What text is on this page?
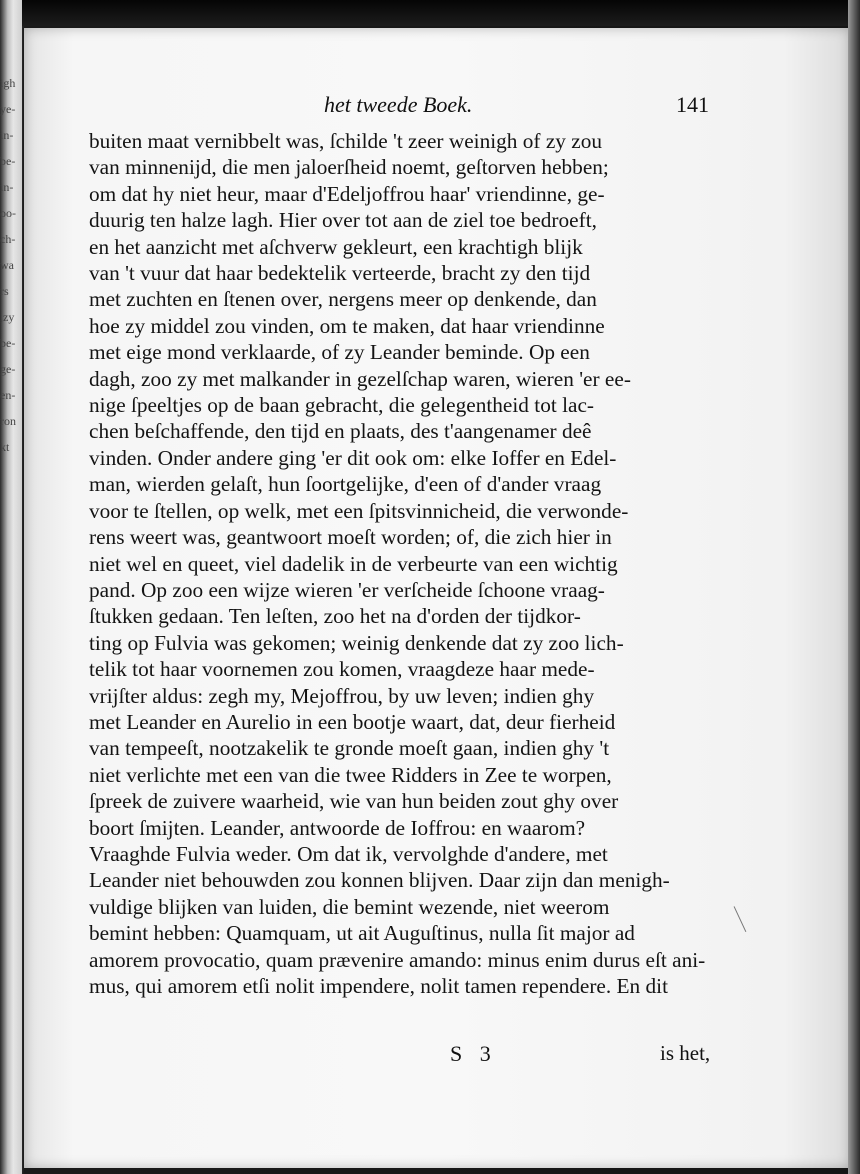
igh
ye-
in-
be-
in-
oo-
ch-
wa
rs
,zy
be-
ge-
en-
ron
kt
het tweede Boek.	141
buiten maat vernibbelt was, ſchilde 't zeer weinigh of zy zou
van minnenijd, die men jaloerſheid noemt, geſtorven hebben;
om dat hy niet heur, maar d'Edeljoffrou haar' vriendinne, ge-
duurig ten halze lagh. Hier over tot aan de ziel toe bedroeft,
en het aanzicht met aſchverw gekleurt, een krachtigh blijk
van 't vuur dat haar bedektelik verteerde, bracht zy den tijd
met zuchten en ſtenen over, nergens meer op denkende, dan
hoe zy middel zou vinden, om te maken, dat haar vriendinne
met eige mond verklaarde, of zy Leander beminde. Op een
dagh, zoo zy met malkander in gezelſchap waren, wieren 'er ee-
nige ſpeeltjes op de baan gebracht, die gelegentheid tot lac-
chen beſchaffende, den tijd en plaats, des t'aangenamer deê
vinden. Onder andere ging 'er dit ook om: elke Ioffer en Edel-
man, wierden gelaſt, hun ſoortgelijke, d'een of d'ander vraag
voor te ſtellen, op welk, met een ſpitsvinnicheid, die verwonde-
rens weert was, geantwoort moeſt worden; of, die zich hier in
niet wel en queet, viel dadelik in de verbeurte van een wichtig
pand. Op zoo een wijze wieren 'er verſcheide ſchoone vraag-
ſtukken gedaan. Ten leſten, zoo het na d'orden der tijdkor-
ting op Fulvia was gekomen; weinig denkende dat zy zoo lich-
telik tot haar voornemen zou komen, vraagdeze haar mede-
vrijſter aldus: zegh my, Mejoffrou, by uw leven; indien ghy
met Leander en Aurelio in een bootje waart, dat, deur fierheid
van tempeeſt, nootzakelik te gronde moeſt gaan, indien ghy 't
niet verlichte met een van die twee Ridders in Zee te worpen,
ſpreek de zuivere waarheid, wie van hun beiden zout ghy over
boort ſmijten. Leander, antwoorde de Ioffrou: en waarom?
Vraaghde Fulvia weder. Om dat ik, vervolghde d'andere, met
Leander niet behouwden zou konnen blijven. Daar zijn dan menigh-
vuldige blijken van luiden, die bemint wezende, niet weerom
bemint hebben: Quamquam, ut ait Auguſtinus, nulla ſit major ad
amorem provocatio, quam prævenire amando: minus enim durus eſt ani-
mus, qui amorem etſi nolit impendere, nolit tamen rependere. En dit
S 3	is het,
